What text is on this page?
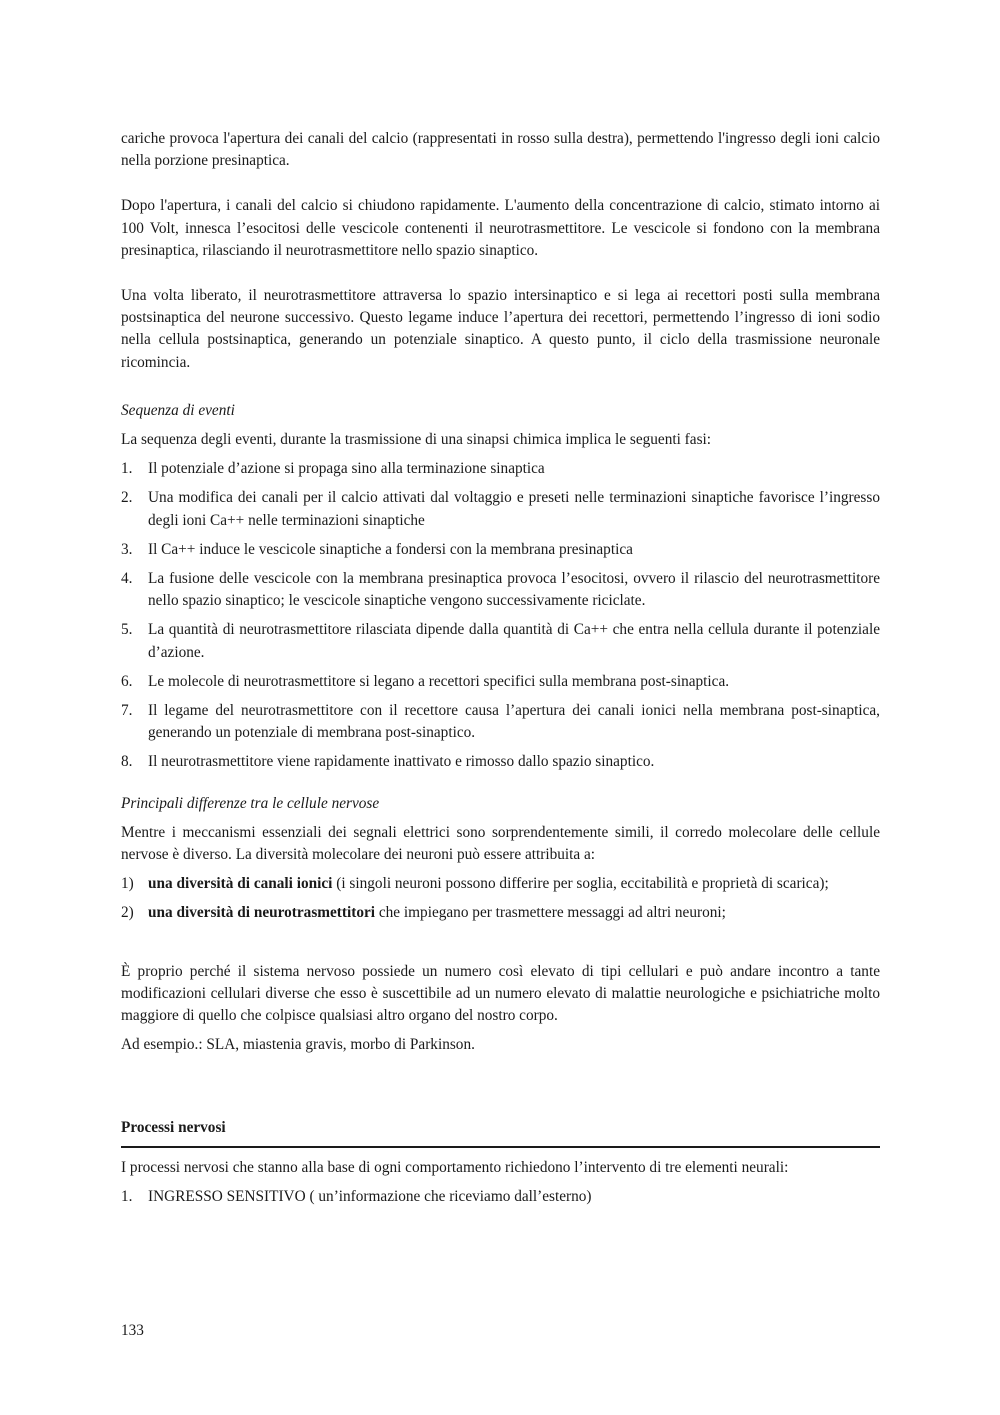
cariche provoca l'apertura dei canali del calcio (rappresentati in rosso sulla destra), permettendo l'ingresso degli ioni calcio nella porzione presinaptica.

Dopo l'apertura, i canali del calcio si chiudono rapidamente. L'aumento della concentrazione di calcio, stimato intorno ai 100 Volt, innesca l’esocitosi delle vescicole contenenti il neurotrasmettitore. Le vescicole si fondono con la membrana presinaptica, rilasciando il neurotrasmettitore nello spazio sinaptico.

Una volta liberato, il neurotrasmettitore attraversa lo spazio intersinaptico e si lega ai recettori posti sulla membrana postsinaptica del neurone successivo. Questo legame induce l’apertura dei recettori, permettendo l’ingresso di ioni sodio nella cellula postsinaptica, generando un potenziale sinaptico. A questo punto, il ciclo della trasmissione neuronale ricomincia.

Sequenza di eventi

La sequenza degli eventi, durante la trasmissione di una sinapsi chimica implica le seguenti fasi:

1. Il potenziale d’azione si propaga sino alla terminazione sinaptica
2. Una modifica dei canali per il calcio attivati dal voltaggio e preseti nelle terminazioni sinaptiche favorisce l’ingresso degli ioni Ca++ nelle terminazioni sinaptiche
3. Il Ca++ induce le vescicole sinaptiche a fondersi con la membrana presinaptica
4. La fusione delle vescicole con la membrana presinaptica provoca l’esocitosi, ovvero il rilascio del neurotrasmettitore nello spazio sinaptico; le vescicole sinaptiche vengono successivamente riciclate.
5. La quantità di neurotrasmettitore rilasciata dipende dalla quantità di Ca++ che entra nella cellula durante il potenziale d’azione.
6. Le molecole di neurotrasmettitore si legano a recettori specifici sulla membrana post-sinaptica.
7. Il legame del neurotrasmettitore con il recettore causa l’apertura dei canali ionici nella membrana post-sinaptica, generando un potenziale di membrana post-sinaptico.
8. Il neurotrasmettitore viene rapidamente inattivato e rimosso dallo spazio sinaptico.

Principali differenze tra le cellule nervose

Mentre i meccanismi essenziali dei segnali elettrici sono sorprendentemente simili, il corredo molecolare delle cellule nervose è diverso. La diversità molecolare dei neuroni può essere attribuita a:

1) una diversità di canali ionici (i singoli neuroni possono differire per soglia, eccitabilità e proprietà di scarica);
2) una diversità di neurotrasmettitori che impiegano per trasmettere messaggi ad altri neuroni;

È proprio perché il sistema nervoso possiede un numero così elevato di tipi cellulari e può andare incontro a tante modificazioni cellulari diverse che esso è suscettibile ad un numero elevato di malattie neurologiche e psichiatriche molto maggiore di quello che colpisce qualsiasi altro organo del nostro corpo.

Ad esempio.: SLA, miastenia gravis, morbo di Parkinson.

Processi nervosi

I processi nervosi che stanno alla base di ogni comportamento richiedono l’intervento di tre elementi neurali:

1. INGRESSO SENSITIVO ( un’informazione che riceviamo dall’esterno)
133
